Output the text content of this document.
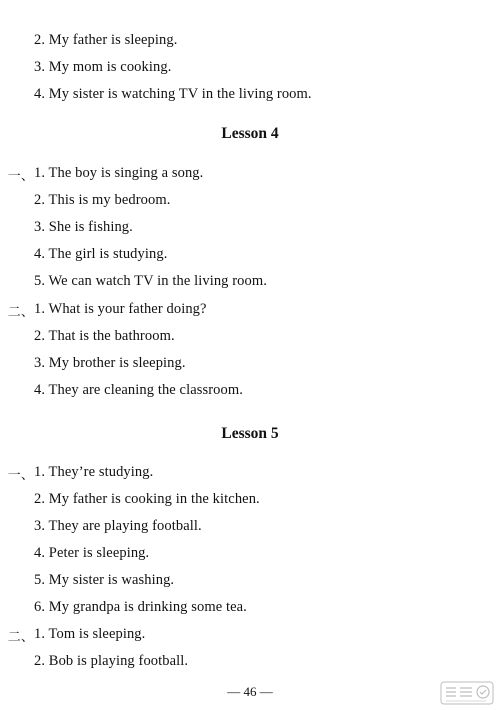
2. My father is sleeping.
3. My mom is cooking.
4. My sister is watching TV in the living room.
Lesson 4
一、 1. The boy is singing a song.
2. This is my bedroom.
3. She is fishing.
4. The girl is studying.
5. We can watch TV in the living room.
二、 1. What is your father doing?
2. That is the bathroom.
3. My brother is sleeping.
4. They are cleaning the classroom.
Lesson 5
一、 1. They’re studying.
2. My father is cooking in the kitchen.
3. They are playing football.
4. Peter is sleeping.
5. My sister is washing.
6. My grandpa is drinking some tea.
二、 1. Tom is sleeping.
2. Bob is playing football.
— 46 —
